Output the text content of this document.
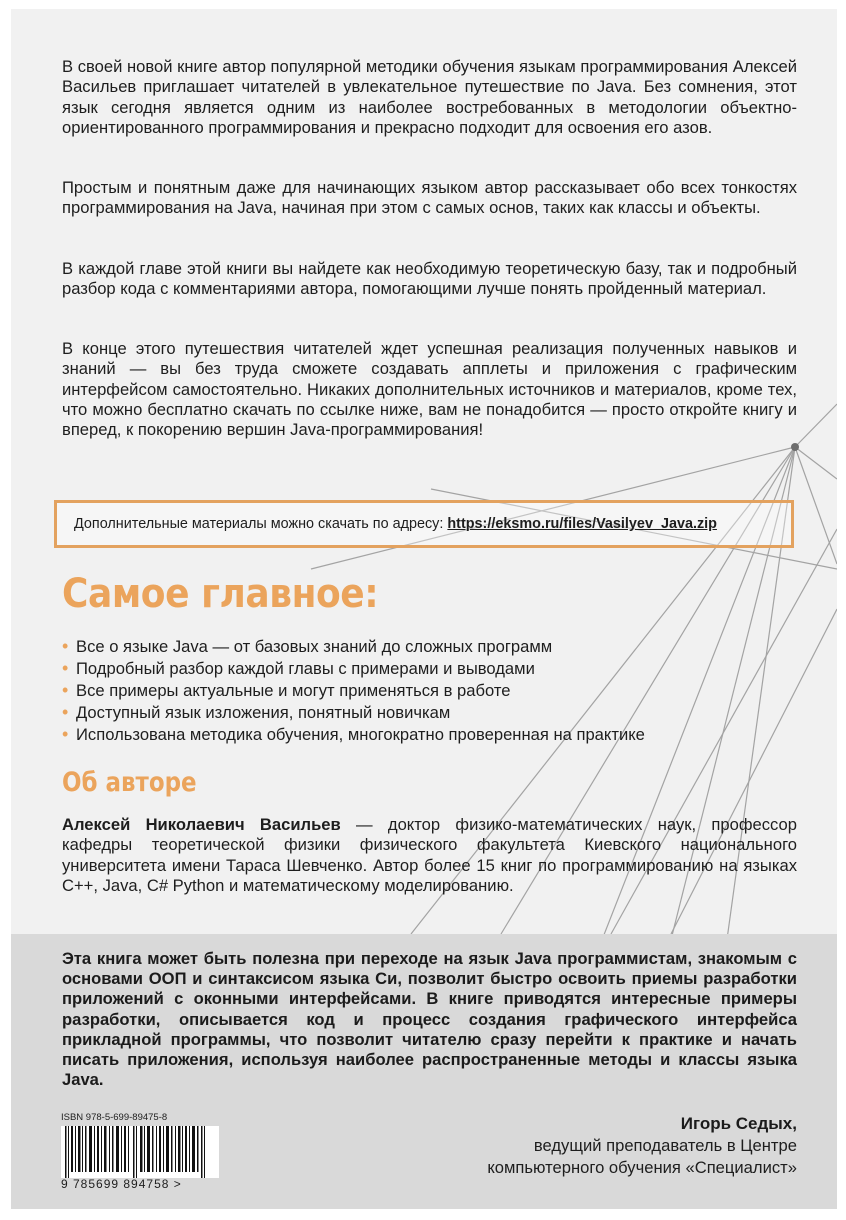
В своей новой книге автор популярной методики обучения языкам программирования Алексей Васильев приглашает читателей в увлекательное путешествие по Java. Без сомнения, этот язык сегодня является одним из наиболее востребованных в методологии объектно-ориентированного программирования и прекрасно подходит для освоения его азов.
Простым и понятным даже для начинающих языком автор рассказывает обо всех тонкостях программирования на Java, начиная при этом с самых основ, таких как классы и объекты.
В каждой главе этой книги вы найдете как необходимую теоретическую базу, так и подробный разбор кода с комментариями автора, помогающими лучше понять пройденный материал.
В конце этого путешествия читателей ждет успешная реализация полученных навыков и знаний — вы без труда сможете создавать апплеты и приложения с графическим интерфейсом самостоятельно. Никаких дополнительных источников и материалов, кроме тех, что можно бесплатно скачать по ссылке ниже, вам не понадобится — просто откройте книгу и вперед, к покорению вершин Java-программирования!
Дополнительные материалы можно скачать по адресу: https://eksmo.ru/files/Vasilyev_Java.zip
Самое главное:
• Все о языке Java — от базовых знаний до сложных программ
• Подробный разбор каждой главы с примерами и выводами
• Все примеры актуальные и могут применяться в работе
• Доступный язык изложения, понятный новичкам
• Использована методика обучения, многократно проверенная на практике
Об авторе
Алексей Николаевич Васильев — доктор физико-математических наук, профессор кафедры теоретической физики физического факультета Киевского национального университета имени Тараса Шевченко. Автор более 15 книг по программированию на языках C++, Java, C# Python и математическому моделированию.
Эта книга может быть полезна при переходе на язык Java программистам, знакомым с основами ООП и синтаксисом языка Си, позволит быстро освоить приемы разработки приложений с оконными интерфейсами. В книге приводятся интересные примеры разработки, описывается код и процесс создания графического интерфейса прикладной программы, что позволит читателю сразу перейти к практике и начать писать приложения, используя наиболее распространенные методы и классы языка Java.
ISBN 978-5-699-89475-8
9 785699 894758 >
Игорь Седых,
ведущий преподаватель в Центре
компьютерного обучения «Специалист»
